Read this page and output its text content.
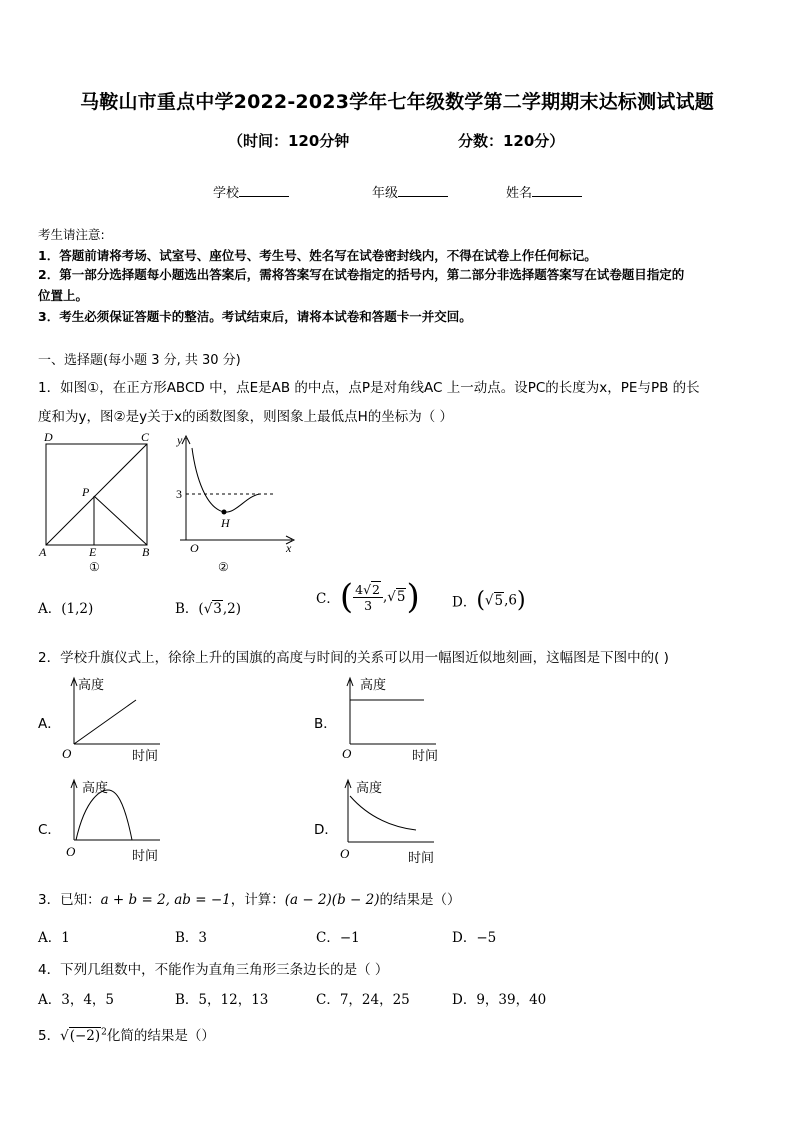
马鞍山市重点中学2022-2023学年七年级数学第二学期期末达标测试试题
（时间：120分钟	分数：120分）
学校	年级	姓名
考生请注意:
1．答题前请将考场、试室号、座位号、考生号、姓名写在试卷密封线内，不得在试卷上作任何标记。
2．第一部分选择题每小题选出答案后，需将答案写在试卷指定的括号内，第二部分非选择题答案写在试卷题目指定的
位置上。
3．考生必须保证答题卡的整洁。考试结束后，请将本试卷和答题卡一并交回。
一、选择题(每小题 3 分, 共 30 分)
1．如图①，在正方形ABCD 中，点E是AB 的中点，点P是对角线AC 上一动点。设PC的长度为x，PE与PB 的长
度和为y，图②是y关于x的函数图象，则图象上最低点H的坐标为（ ）
D	C
P
A	E	B
①
y
3
H
O	x
②
A．(1,2)	B．(√3,2)
C．( $\frac{4√2}{3} ,√5$) D．(√5,6)
2．学校升旗仪式上，徐徐上升的国旗的高度与时间的关系可以用一幅图近似地刻画，这幅图是下图中的( )
A．
高度
O	时间
B．
高度
O	时间
C．
高度
O	时间
D．
高度
O	时间
3．已知：a + b = 2, ab = −1，计算：(a − 2)(b − 2)的结果是（）
A．1	B．3	C．−1	D．−5
4．下列几组数中，不能作为直角三角形三条边长的是（ ）
A．3，4，5	B．5，12，13	C．7，24，25	D．9，39，40
5．$√(-2)^2$化简的结果是（）
